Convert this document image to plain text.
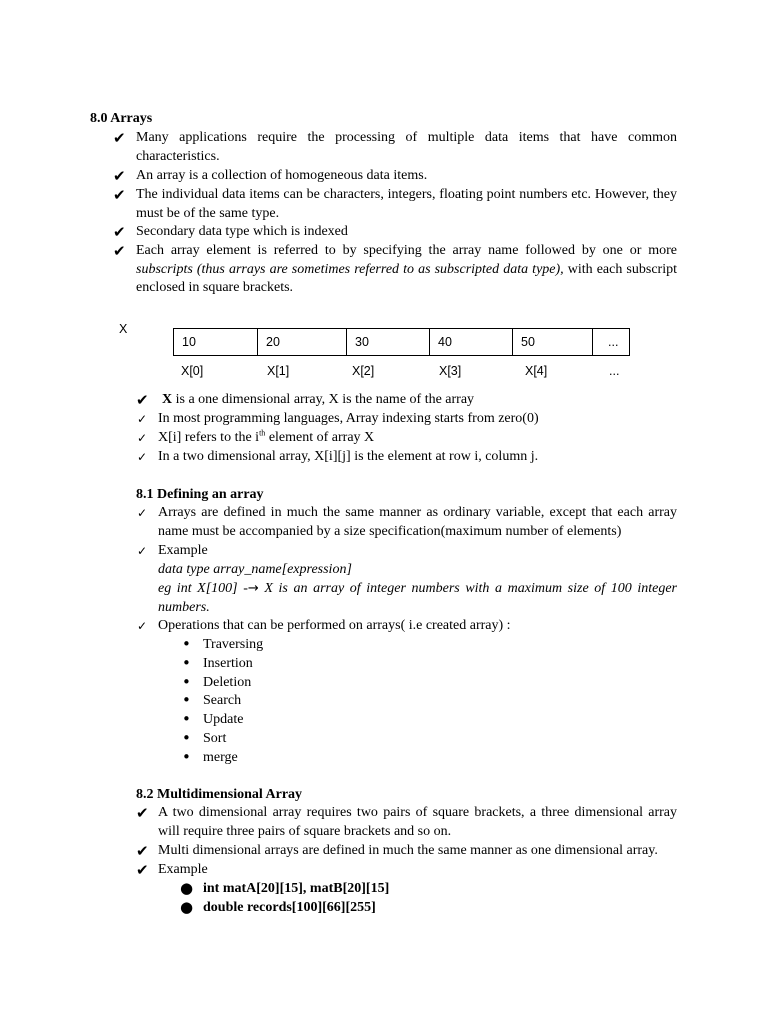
8.0 Arrays
✔ Many applications require the processing of multiple data items that have common characteristics.
✔ An array is a collection of homogeneous data items.
✔ The individual data items can be characters, integers, floating point numbers etc. However, they must be of the same type.
✔ Secondary data type which is indexed
✔ Each array element is referred to by specifying the array name followed by one or more subscripts (thus arrays are sometimes referred to as subscripted data type), with each subscript enclosed in square brackets.
X
10	20	30	40	50	...
X[0]	X[1]	X[2]	X[3]	X[4]	...
✔ X is a one dimensional array, X is the name of the array
✓ In most programming languages, Array indexing starts from zero(0)
✓ X[i] refers to the $i^{th}$ element of array X
✓ In a two dimensional array, X[i][j] is the element at row i, column j.
8.1 Defining an array
✓ Arrays are defined in much the same manner as ordinary variable, except that each array name must be accompanied by a size specification(maximum number of elements)
✓ Example
data type array_name[expression]
eg int X[100] -→ X is an array of integer numbers with a maximum size of 100 integer numbers.
✓ Operations that can be performed on arrays( i.e created array) :
• Traversing
• Insertion
• Deletion
• Search
• Update
• Sort
• merge
8.2 Multidimensional Array
✔ A two dimensional array requires two pairs of square brackets, a three dimensional array will require three pairs of square brackets and so on.
✔ Multi dimensional arrays are defined in much the same manner as one dimensional array.
✔ Example
● int matA[20][15], matB[20][15]
● double records[100][66][255]
